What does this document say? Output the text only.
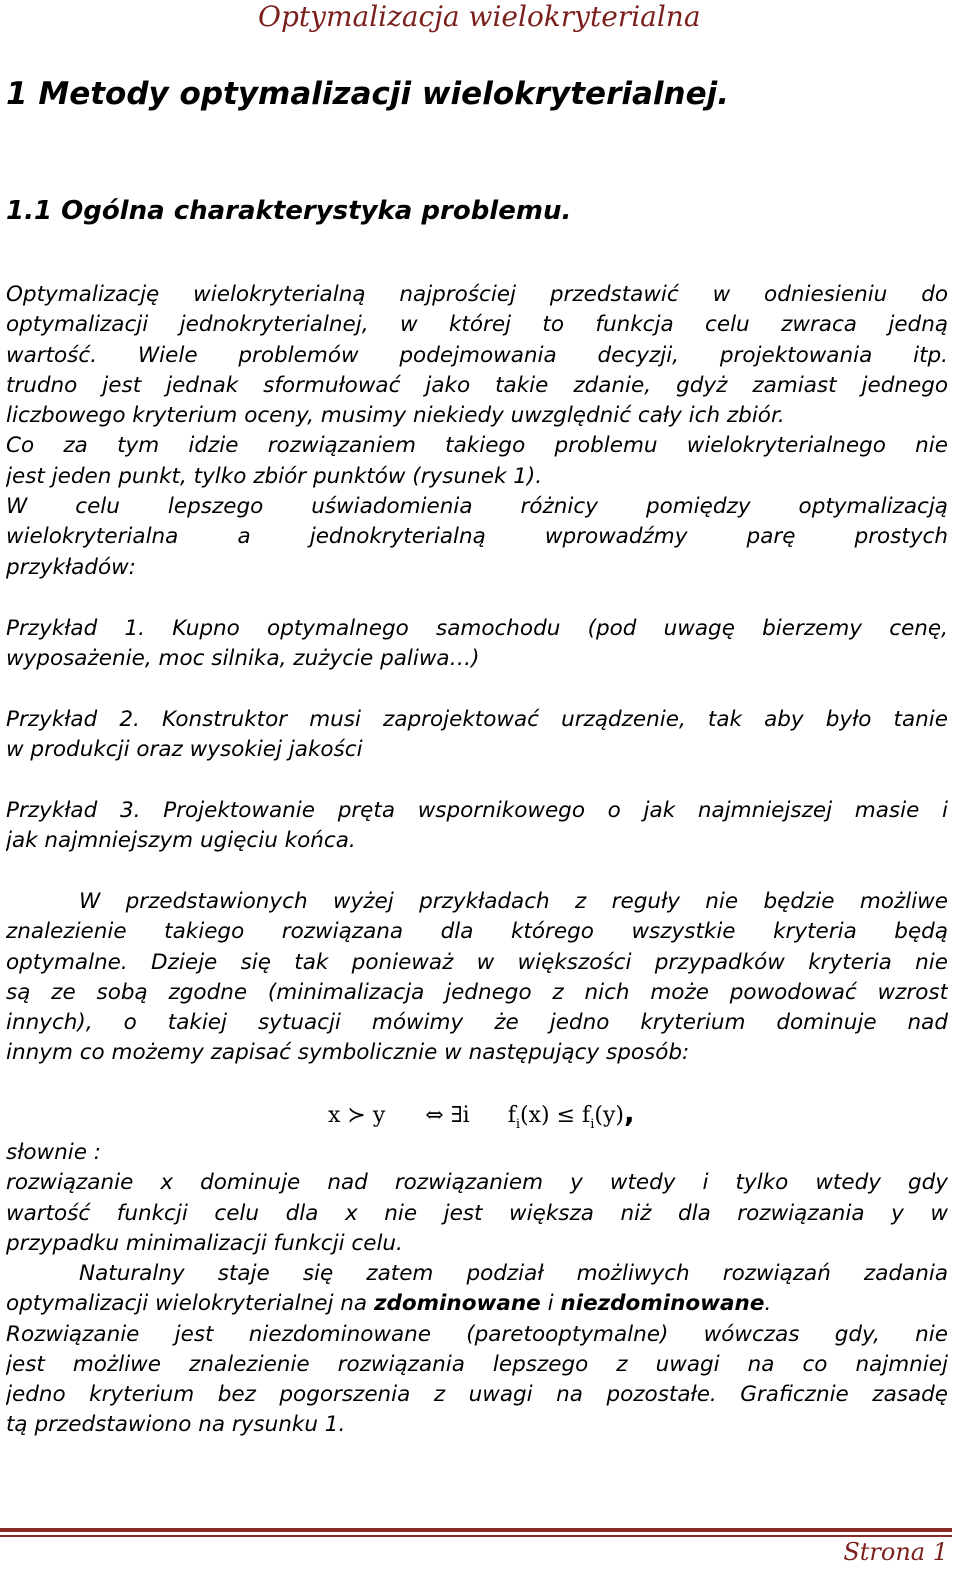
Optymalizacja wielokryterialna
1 Metody optymalizacji wielokryterialnej.
1.1 Ogólna charakterystyka problemu.
Optymalizację wielokryterialną najprościej przedstawić w odniesieniu do
optymalizacji jednokryterialnej, w której to funkcja celu zwraca jedną
wartość. Wiele problemów podejmowania decyzji, projektowania itp.
trudno jest jednak sformułować jako takie zdanie, gdyż zamiast jednego
liczbowego kryterium oceny, musimy niekiedy uwzględnić cały ich zbiór.
Co za tym idzie rozwiązaniem takiego problemu wielokryterialnego nie
jest jeden punkt, tylko zbiór punktów (rysunek 1).
W celu lepszego uświadomienia różnicy pomiędzy optymalizacją
wielokryterialna a jednokryterialną wprowadźmy parę prostych
przykładów:
Przykład 1. Kupno optymalnego samochodu (pod uwagę bierzemy cenę,
wyposażenie, moc silnika, zużycie paliwa…)
Przykład 2. Konstruktor musi zaprojektować urządzenie, tak aby było tanie
w produkcji oraz wysokiej jakości
Przykład 3. Projektowanie pręta wspornikowego o jak najmniejszej masie i
jak najmniejszym ugięciu końca.
W przedstawionych wyżej przykładach z reguły nie będzie możliwe
znalezienie takiego rozwiązana dla którego wszystkie kryteria będą
optymalne. Dzieje się tak ponieważ w większości przypadków kryteria nie
są ze sobą zgodne (minimalizacja jednego z nich może powodować wzrost
innych), o takiej sytuacji mówimy że jedno kryterium dominuje nad
innym co możemy zapisać symbolicznie w następujący sposób:
x ≻ y ⇔ ∃i $f_i(x) \le f_i(y)$,
słownie :
rozwiązanie x dominuje nad rozwiązaniem y wtedy i tylko wtedy gdy
wartość funkcji celu dla x nie jest większa niż dla rozwiązania y w
przypadku minimalizacji funkcji celu.
Naturalny staje się zatem podział możliwych rozwiązań zadania
optymalizacji wielokryterialnej na zdominowane i niezdominowane.
Rozwiązanie jest niezdominowane (paretooptymalne) wówczas gdy, nie
jest możliwe znalezienie rozwiązania lepszego z uwagi na co najmniej
jedno kryterium bez pogorszenia z uwagi na pozostałe. Graficznie zasadę
tą przedstawiono na rysunku 1.
Strona 1
